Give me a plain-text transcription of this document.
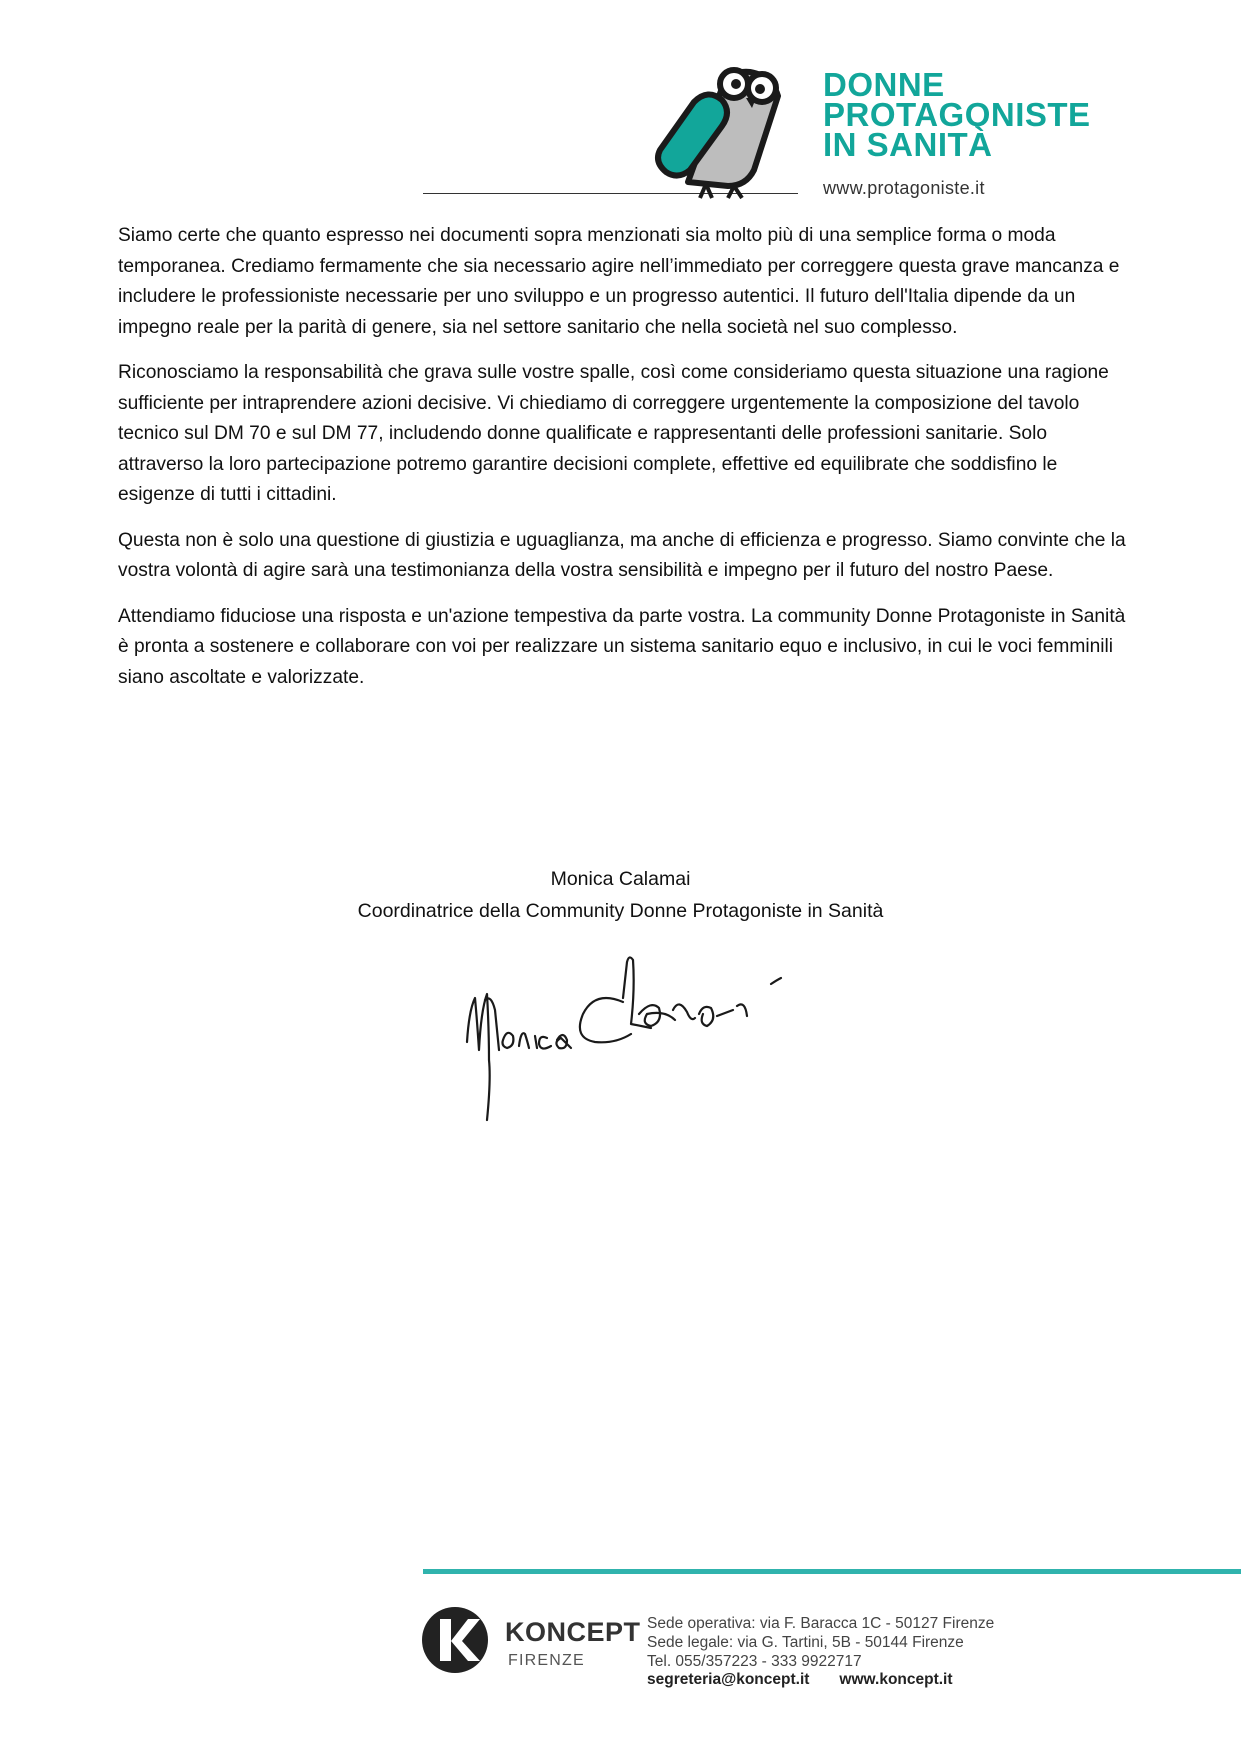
DONNE
PROTAGONISTE
IN SANITÀ
www.protagoniste.it

Siamo certe che quanto espresso nei documenti sopra menzionati sia molto più di una semplice forma o moda temporanea. Crediamo fermamente che sia necessario agire nell’immediato per correggere questa grave mancanza e includere le professioniste necessarie per uno sviluppo e un progresso autentici. Il futuro dell'Italia dipende da un impegno reale per la parità di genere, sia nel settore sanitario che nella società nel suo complesso.

Riconosciamo la responsabilità che grava sulle vostre spalle, così come consideriamo questa situazione una ragione sufficiente per intraprendere azioni decisive. Vi chiediamo di correggere urgentemente la composizione del tavolo tecnico sul DM 70 e sul DM 77, includendo donne qualificate e rappresentanti delle professioni sanitarie. Solo attraverso la loro partecipazione potremo garantire decisioni complete, effettive ed equilibrate che soddisfino le esigenze di tutti i cittadini.

Questa non è solo una questione di giustizia e uguaglianza, ma anche di efficienza e progresso. Siamo convinte che la vostra volontà di agire sarà una testimonianza della vostra sensibilità e impegno per il futuro del nostro Paese.

Attendiamo fiduciose una risposta e un'azione tempestiva da parte vostra. La community Donne Protagoniste in Sanità è pronta a sostenere e collaborare con voi per realizzare un sistema sanitario equo e inclusivo, in cui le voci femminili siano ascoltate e valorizzate.

Monica Calamai
Coordinatrice della Community Donne Protagoniste in Sanità
KONCEPT
FIRENZE
Sede operativa: via F. Baracca 1C - 50127 Firenze
Sede legale: via G. Tartini, 5B - 50144 Firenze
Tel. 055/357223 - 333 9922717
segreteria@koncept.it www.koncept.it
